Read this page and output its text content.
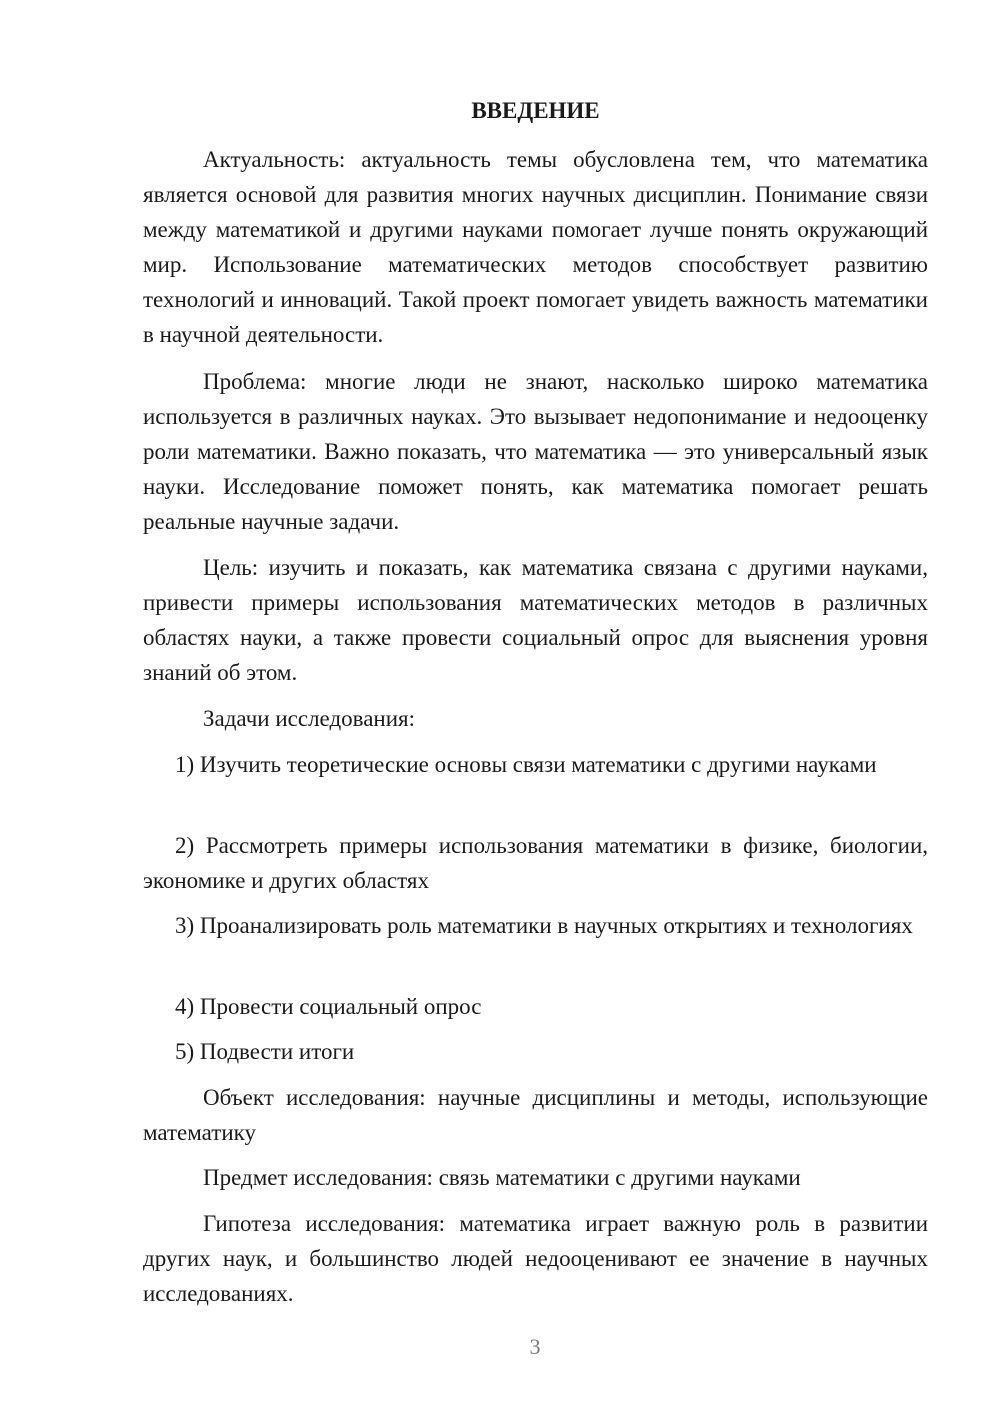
ВВЕДЕНИЕ

Актуальность: актуальность темы обусловлена тем, что математика является основой для развития многих научных дисциплин. Понимание связи между математикой и другими науками помогает лучше понять окружающий мир. Использование математических методов способствует развитию технологий и инноваций. Такой проект помогает увидеть важность математики в научной деятельности.

Проблема: многие люди не знают, насколько широко математика используется в различных науках. Это вызывает недопонимание и недооценку роли математики. Важно показать, что математика — это универсальный язык науки. Исследование поможет понять, как математика помогает решать реальные научные задачи.

Цель: изучить и показать, как математика связана с другими науками, привести примеры использования математических методов в различных областях науки, а также провести социальный опрос для выяснения уровня знаний об этом.

Задачи исследования:

1) Изучить теоретические основы связи математики с другими науками

2) Рассмотреть примеры использования математики в физике, биологии, экономике и других областях

3) Проанализировать роль математики в научных открытиях и технологиях

4) Провести социальный опрос

5) Подвести итоги

Объект исследования: научные дисциплины и методы, использующие математику

Предмет исследования: связь математики с другими науками

Гипотеза исследования: математика играет важную роль в развитии других наук, и большинство людей недооценивают ее значение в научных исследованиях.

3
